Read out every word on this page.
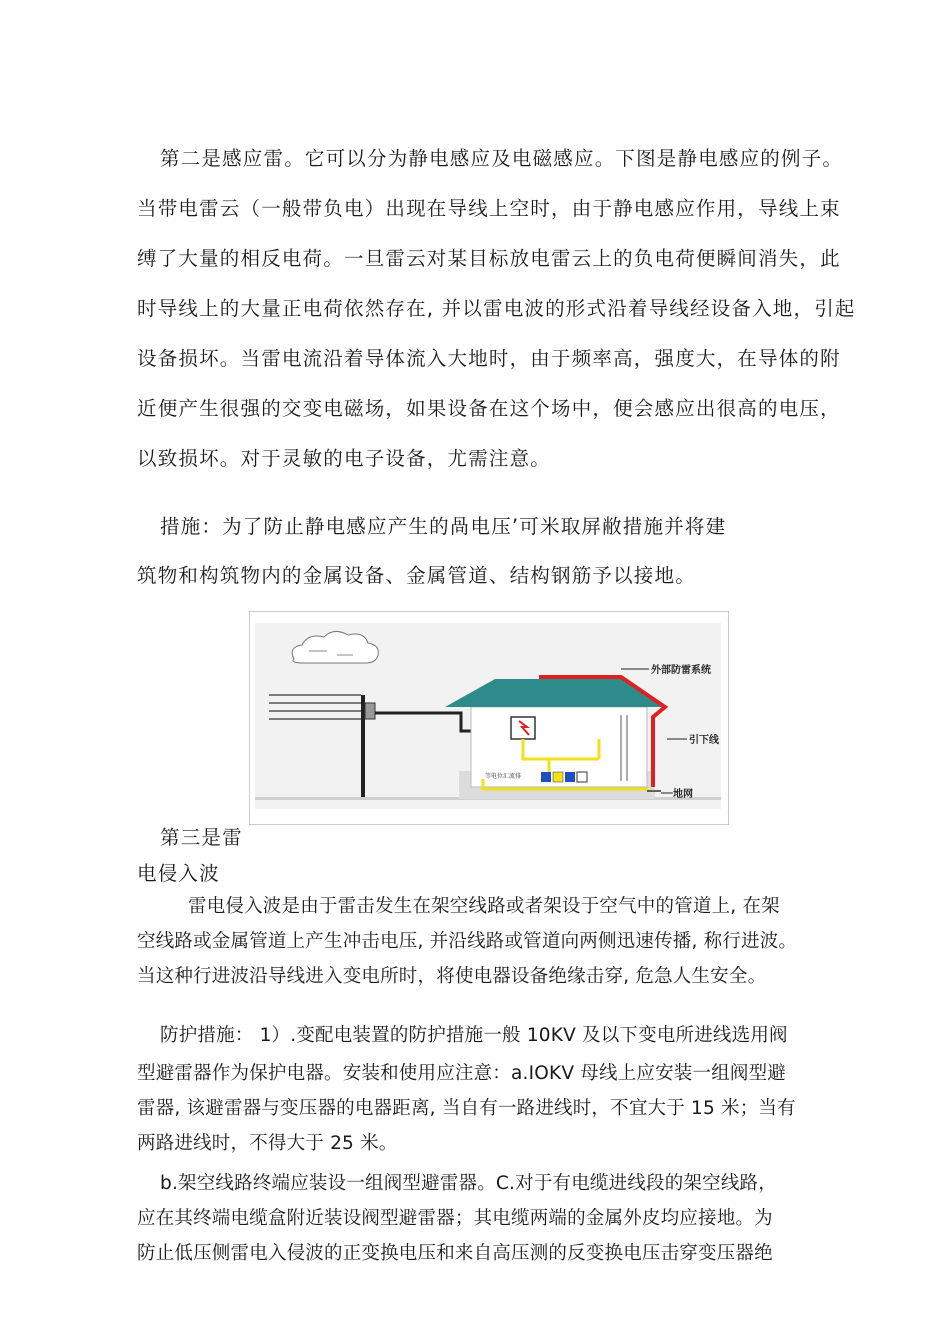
第二是感应雷。它可以分为静电感应及电磁感应。下图是静电感应的例子。
当带电雷云（一般带负电）出现在导线上空时，由于静电感应作用，导线上束
缚了大量的相反电荷。一旦雷云对某目标放电雷云上的负电荷便瞬间消失，此
时导线上的大量正电荷依然存在, 并以雷电波的形式沿着导线经设备入地，引起
设备损坏。当雷电流沿着导体流入大地时，由于频率高，强度大，在导体的附
近便产生很强的交变电磁场，如果设备在这个场中，便会感应出很高的电压，
以致损坏。对于灵敏的电子设备，尤需注意。
措施：为了防止静电感应产生的咼电压’可米取屏敝措施并将建
筑物和构筑物内的金属设备、金属管道、结构钢筋予以接地。
等电位汇流排
外部防雷系统
引下线
地网
第三是雷
电侵入波
雷电侵入波是由于雷击发生在架空线路或者架设于空气中的管道上, 在架
空线路或金属管道上产生冲击电压, 并沿线路或管道向两侧迅速传播, 称行进波。
当这种行进波沿导线进入变电所时，将使电器设备绝缘击穿, 危急人生安全。
防护措施： 1）.变配电装置的防护措施一般 10KV 及以下变电所进线选用阀
型避雷器作为保护电器。安装和使用应注意：a.IOKV 母线上应安装一组阀型避
雷器, 该避雷器与变压器的电器距离, 当自有一路进线时，不宜大于 15 米；当有
两路进线时，不得大于 25 米。
b.架空线路终端应装设一组阀型避雷器。C.对于有电缆进线段的架空线路，
应在其终端电缆盒附近装设阀型避雷器；其电缆两端的金属外皮均应接地。为
防止低压侧雷电入侵波的正变换电压和来自高压测的反变换电压击穿变压器绝
